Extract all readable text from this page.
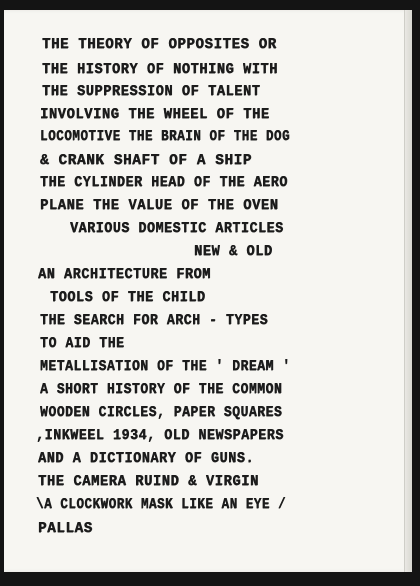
THE THEORY OF OPPOSITES OR
THE HISTORY OF NOTHING WITH
THE SUPPRESSION OF TALENT
INVOLVING THE WHEEL OF THE
LOCOMOTIVE THE BRAIN OF THE DOG
& CRANK SHAFT OF A SHIP
THE CYLINDER HEAD OF THE AERO
PLANE THE VALUE OF THE OVEN
VARIOUS DOMESTIC ARTICLES
NEW & OLD
AN ARCHITECTURE FROM
TOOLS OF THE CHILD
THE SEARCH FOR ARCH - TYPES
TO AID THE
METALLISATION OF THE ' DREAM '
A SHORT HISTORY OF THE COMMON
WOODEN CIRCLES, PAPER SQUARES
,INKWEEL 1934, OLD NEWSPAPERS
AND A DICTIONARY OF GUNS.
THE CAMERA RUIND & VIRGIN
\A CLOCKWORK MASK LIKE AN EYE /
PALLAS
